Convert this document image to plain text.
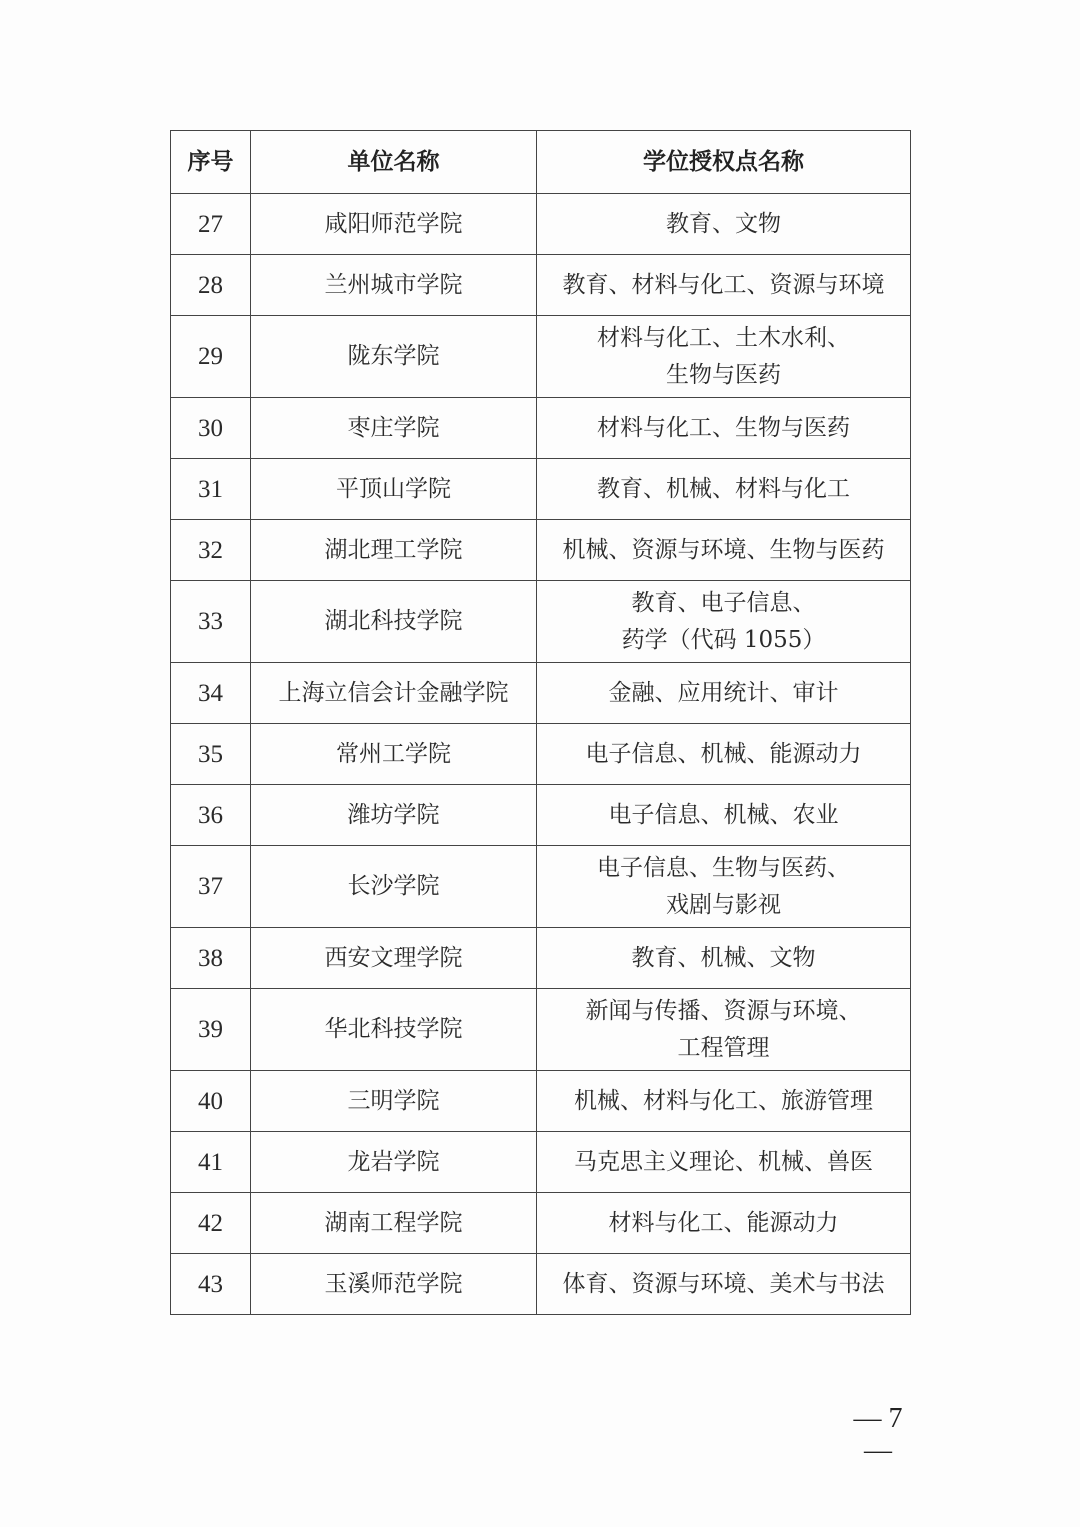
序号	单位名称	学位授权点名称
27	咸阳师范学院	教育、文物

28	兰州城市学院	教育、材料与化工、资源与环境

29	陇东学院	材料与化工、土木水利、
生物与医药

30	枣庄学院	材料与化工、生物与医药

31	平顶山学院	教育、机械、材料与化工

32	湖北理工学院	机械、资源与环境、生物与医药

33	湖北科技学院	教育、电子信息、
药学（代码 1055）

34	上海立信会计金融学院	金融、应用统计、审计

35	常州工学院	电子信息、机械、能源动力

36	潍坊学院	电子信息、机械、农业

37	长沙学院	电子信息、生物与医药、
戏剧与影视

38	西安文理学院	教育、机械、文物

39	华北科技学院	新闻与传播、资源与环境、
工程管理

40	三明学院	机械、材料与化工、旅游管理

41	龙岩学院	马克思主义理论、机械、兽医

42	湖南工程学院	材料与化工、能源动力

43	玉溪师范学院	体育、资源与环境、美术与书法
— 7 —
